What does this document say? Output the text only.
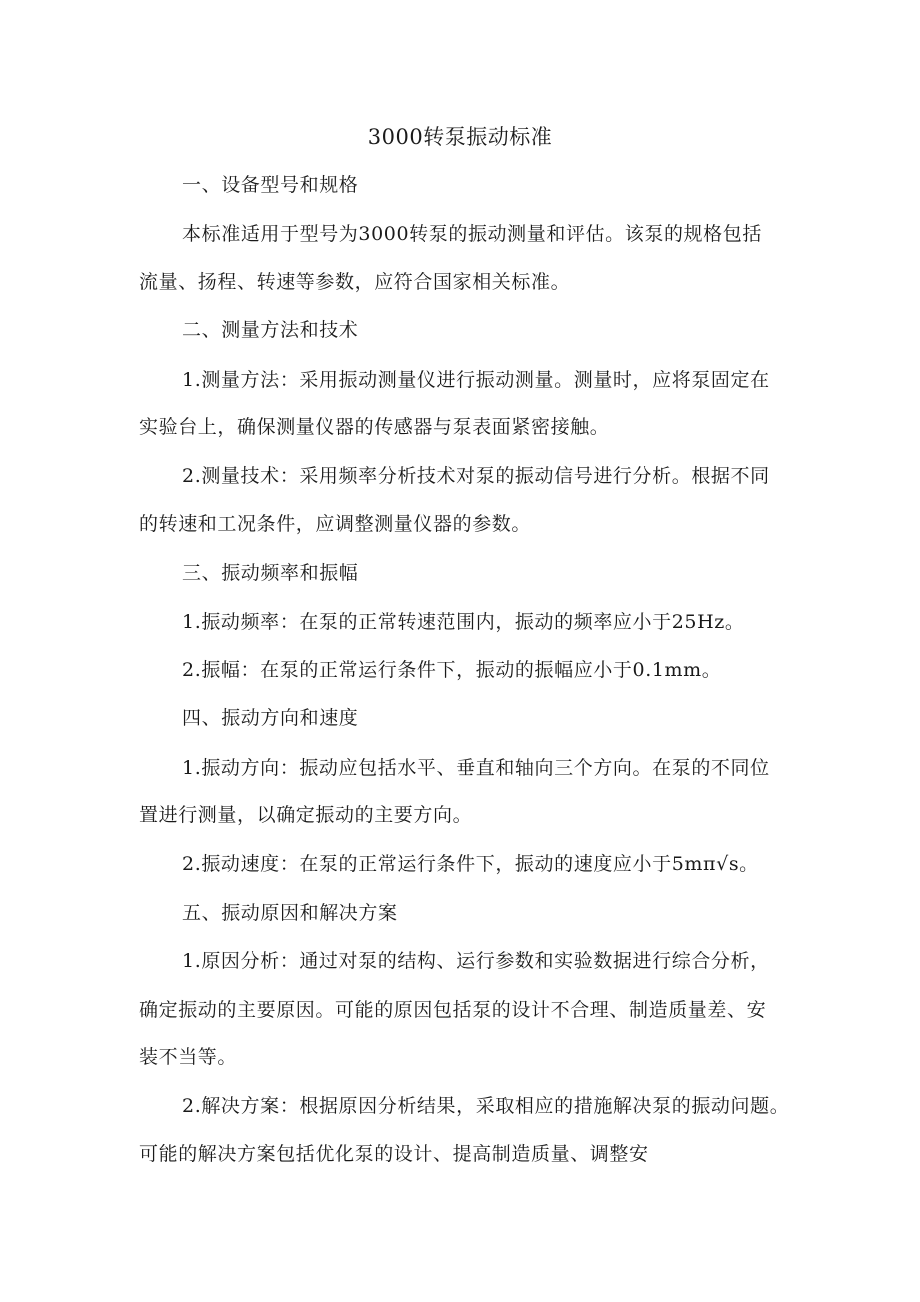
3000转泵振动标准
一、设备型号和规格
本标准适用于型号为3000转泵的振动测量和评估。该泵的规格包括
流量、扬程、转速等参数，应符合国家相关标准。
二、测量方法和技术
1.测量方法：采用振动测量仪进行振动测量。测量时，应将泵固定在
实验台上，确保测量仪器的传感器与泵表面紧密接触。
2.测量技术：采用频率分析技术对泵的振动信号进行分析。根据不同
的转速和工况条件，应调整测量仪器的参数。
三、振动频率和振幅
1.振动频率：在泵的正常转速范围内，振动的频率应小于25Hz。
2.振幅：在泵的正常运行条件下，振动的振幅应小于0.1mm。
四、振动方向和速度
1.振动方向：振动应包括水平、垂直和轴向三个方向。在泵的不同位
置进行测量，以确定振动的主要方向。
2.振动速度：在泵的正常运行条件下，振动的速度应小于5mπ√s。
五、振动原因和解决方案
1.原因分析：通过对泵的结构、运行参数和实验数据进行综合分析，
确定振动的主要原因。可能的原因包括泵的设计不合理、制造质量差、安
装不当等。
2.解决方案：根据原因分析结果，采取相应的措施解决泵的振动问题。
可能的解决方案包括优化泵的设计、提高制造质量、调整安
